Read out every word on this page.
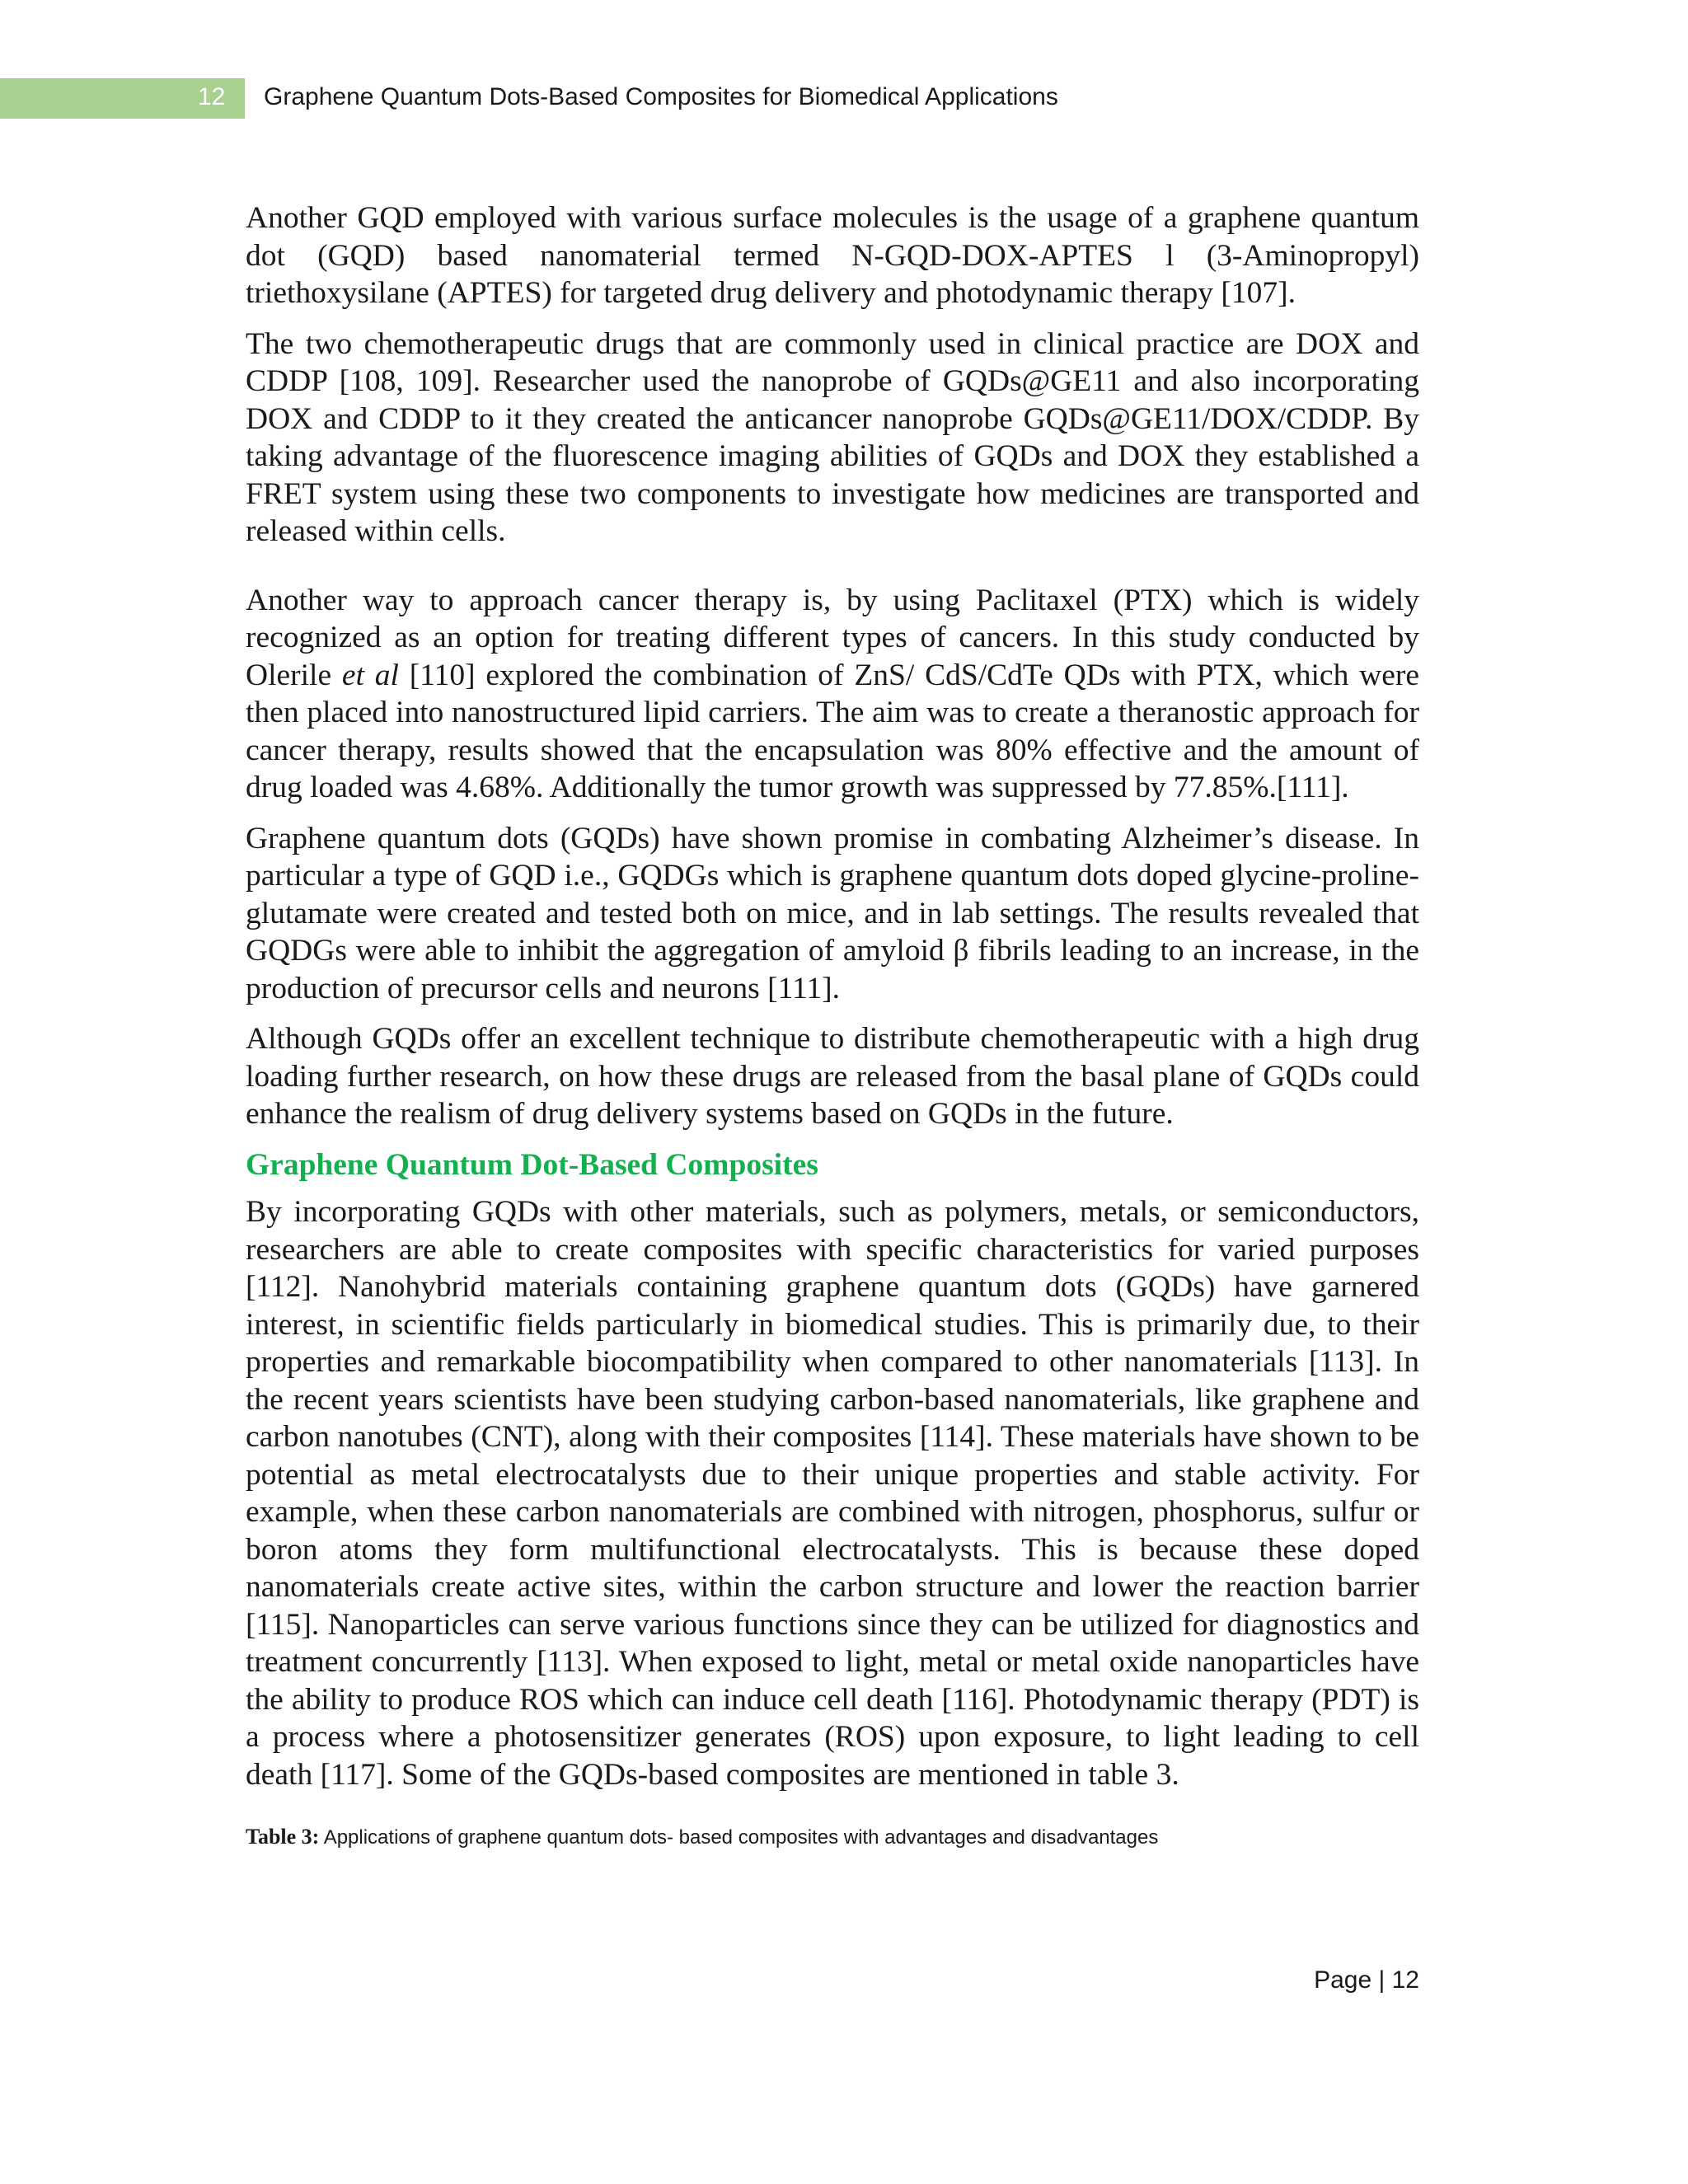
12 Graphene Quantum Dots-Based Composites for Biomedical Applications

Another GQD employed with various surface molecules is the usage of a graphene quantum dot (GQD) based nanomaterial termed N-GQD-DOX-APTES l (3-Aminopropyl) triethoxysilane (APTES) for targeted drug delivery and photodynamic therapy [107].

The two chemotherapeutic drugs that are commonly used in clinical practice are DOX and CDDP [108, 109]. Researcher used the nanoprobe of GQDs@GE11 and also incorporating DOX and CDDP to it they created the anticancer nanoprobe GQDs@GE11/DOX/CDDP. By taking advantage of the fluorescence imaging abilities of GQDs and DOX they established a FRET system using these two components to investigate how medicines are transported and released within cells.

Another way to approach cancer therapy is, by using Paclitaxel (PTX) which is widely recognized as an option for treating different types of cancers. In this study conducted by Olerile et al [110] explored the combination of ZnS/ CdS/CdTe QDs with PTX, which were then placed into nanostructured lipid carriers. The aim was to create a theranostic approach for cancer therapy, results showed that the encapsulation was 80% effective and the amount of drug loaded was 4.68%. Additionally the tumor growth was suppressed by 77.85%.[111].

Graphene quantum dots (GQDs) have shown promise in combating Alzheimer’s disease. In particular a type of GQD i.e., GQDGs which is graphene quantum dots doped glycine-proline-glutamate were created and tested both on mice, and in lab settings. The results revealed that GQDGs were able to inhibit the aggregation of amyloid β fibrils leading to an increase, in the production of precursor cells and neurons [111].

Although GQDs offer an excellent technique to distribute chemotherapeutic with a high drug loading further research, on how these drugs are released from the basal plane of GQDs could enhance the realism of drug delivery systems based on GQDs in the future.

Graphene Quantum Dot-Based Composites

By incorporating GQDs with other materials, such as polymers, metals, or semiconductors, researchers are able to create composites with specific characteristics for varied purposes [112]. Nanohybrid materials containing graphene quantum dots (GQDs) have garnered interest, in scientific fields particularly in biomedical studies. This is primarily due, to their properties and remarkable biocompatibility when compared to other nanomaterials [113]. In the recent years scientists have been studying carbon-based nanomaterials, like graphene and carbon nanotubes (CNT), along with their composites [114]. These materials have shown to be potential as metal electrocatalysts due to their unique properties and stable activity. For example, when these carbon nanomaterials are combined with nitrogen, phosphorus, sulfur or boron atoms they form multifunctional electrocatalysts. This is because these doped nanomaterials create active sites, within the carbon structure and lower the reaction barrier [115]. Nanoparticles can serve various functions since they can be utilized for diagnostics and treatment concurrently [113]. When exposed to light, metal or metal oxide nanoparticles have the ability to produce ROS which can induce cell death [116]. Photodynamic therapy (PDT) is a process where a photosensitizer generates (ROS) upon exposure, to light leading to cell death [117]. Some of the GQDs-based composites are mentioned in table 3.

Table 3: Applications of graphene quantum dots- based composites with advantages and disadvantages
Page | 12
